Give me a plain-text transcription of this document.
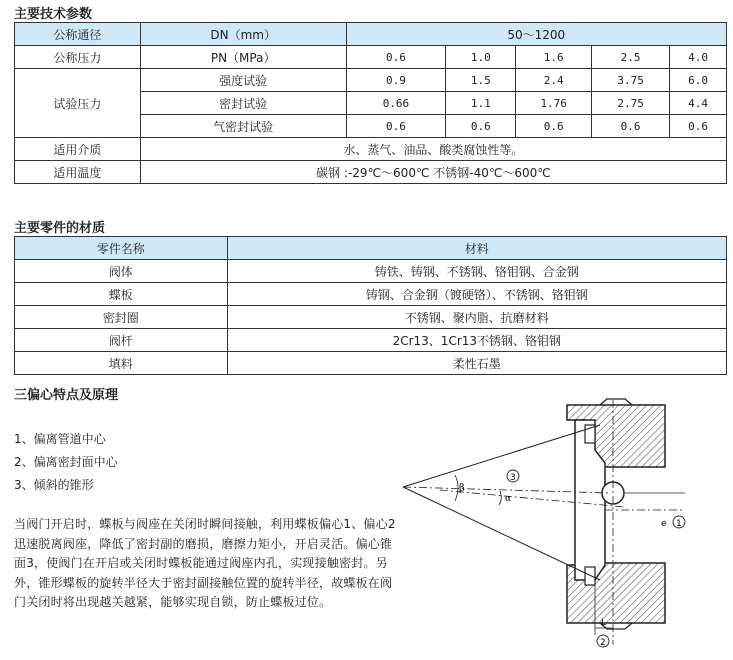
主要技术参数
公称通径	DN（mm）	50～1200				
公称压力	PN（MPa）	0.6	1.0	1.6	2.5	4.0
试验压力	强度试验	0.9	1.5	2.4	3.75	6.0
	密封试验	0.66	1.1	1.76	2.75	4.4
	气密封试验	0.6	0.6	0.6	0.6	0.6
适用介质	水、蒸气、油品、酸类腐蚀性等。					
适用温度	碳钢 :-29℃～600℃ 不锈钢-40℃～600℃					
主要零件的材质
零件名称	材料
阀体	铸铁、铸钢、不锈钢、铬钼钢、合金钢
蝶板	铸钢、合金钢（镀硬铬）、不锈钢、铬钼钢
密封圈	不锈钢、聚内脂、抗磨材料
阀杆	2Cr13、1Cr13不锈钢、铬钼钢
填料	柔性石墨
三偏心特点及原理
1、偏离管道中心
2、偏离密封面中心
3、倾斜的锥形
当阀门开启时，蝶板与阀座在关闭时瞬间接触，利用蝶板偏心1、偏心2迅速脱离阀座，降低了密封副的磨损，磨擦力矩小，开启灵活。偏心锥面3，使阀门在开启或关闭时蝶板能通过阀座内孔，实现接触密封。另外，锥形蝶板的旋转半径大于密封副接触位置的旋转半径，故蝶板在阀门关闭时将出现越关越紧，能够实现自锁，防止蝶板过位。
β
α
3
1
e
L
2
